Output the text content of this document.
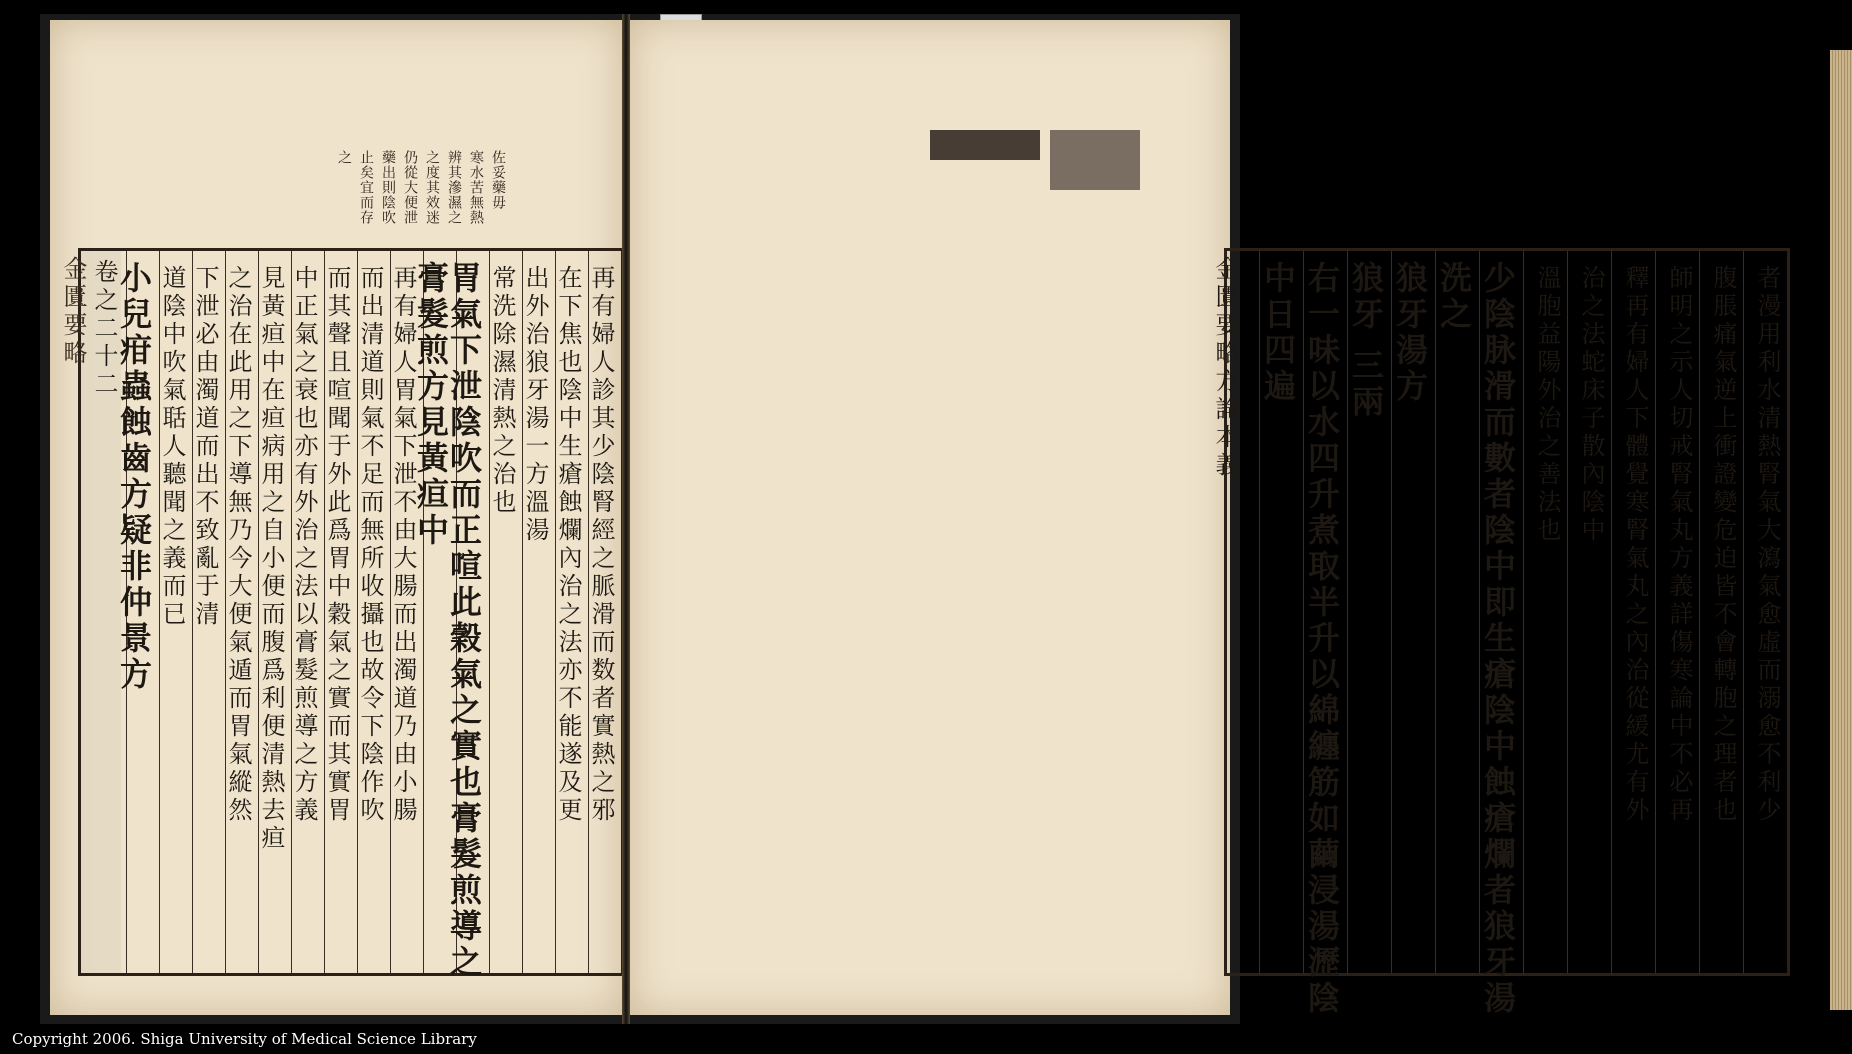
佐妥藥毋
寒水苦無熱
辨其滲濕之
之度其效迷
仍從大便泄
藥出則陰吹
止矣宜而存
之
再有婦人診其少陰腎經之脈滑而数者實熱之邪
在下焦也陰中生瘡蝕爛內治之法亦不能遂及更
出外治狼牙湯一方溫湯
常洗除濕清熱之治也
胃氣下泄陰吹而正喧此穀氣之實也膏髮煎導之
膏髮煎方見黃疸中
再有婦人胃氣下泄不由大腸而出濁道乃由小腸
而出清道則氣不足而無所收攝也故令下陰作吹
而其聲且喧聞于外此爲胃中穀氣之實而其實胃
中正氣之衰也亦有外治之法以膏髮煎導之方義
見黃疸中在疸病用之自小便而腹爲利便清熱去疸
之治在此用之下導無乃今大便氣遁而胃氣縱然
下泄必由濁道而出不致亂于清
道陰中吹氣聒人聽聞之義而已
小兒疳蟲蝕齒方疑非仲景方
卷之二十二
金匱要略	者漫用利水清熱腎氣大瀉氣愈虛而溺愈不利少
腹脹痛氣逆上衝證變危迫皆不會轉胞之理者也
師明之示人切戒腎氣丸方義詳傷寒論中不必再
釋再有婦人下體覺寒腎氣丸之內治從緩尤有外
治之法蛇床子散內陰中
溫胞益陽外治之善法也
少陰脉滑而數者陰中即生瘡陰中蝕瘡爛者狼牙湯
洗之
狼牙湯方
狼牙 三兩
右一味以水四升煮取半升以綿纏筋如繭浸湯瀝陰
中日四遍
金匱要略方論本義
Copyright 2006. Shiga University of Medical Science Library
